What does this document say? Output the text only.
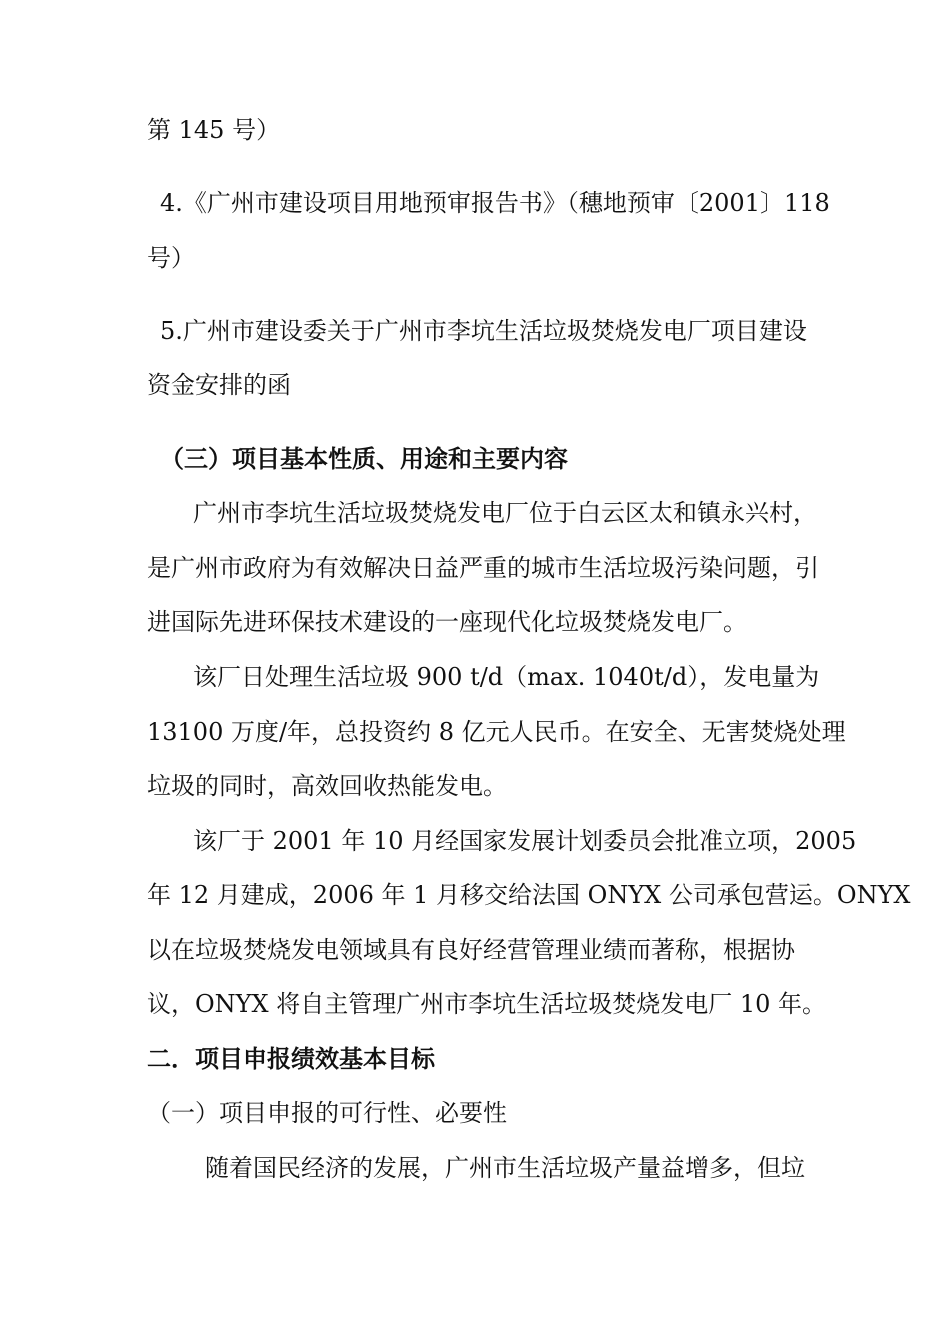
第 145 号）
4.《广州市建设项目用地预审报告书》（穗地预审〔2001〕118
号）
5.广州市建设委关于广州市李坑生活垃圾焚烧发电厂项目建设
资金安排的函
（三）项目基本性质、用途和主要内容
广州市李坑生活垃圾焚烧发电厂位于白云区太和镇永兴村，
是广州市政府为有效解决日益严重的城市生活垃圾污染问题，引
进国际先进环保技术建设的一座现代化垃圾焚烧发电厂。
该厂日处理生活垃圾 900 t/d（max. 1040t/d），发电量为
13100 万度/年，总投资约 8 亿元人民币。在安全、无害焚烧处理
垃圾的同时，高效回收热能发电。
该厂于 2001 年 10 月经国家发展计划委员会批准立项，2005
年 12 月建成，2006 年 1 月移交给法国 ONYX 公司承包营运。ONYX
以在垃圾焚烧发电领域具有良好经营管理业绩而著称，根据协
议，ONYX 将自主管理广州市李坑生活垃圾焚烧发电厂 10 年。
二．项目申报绩效基本目标
（一）项目申报的可行性、必要性
随着国民经济的发展，广州市生活垃圾产量益增多，但垃
